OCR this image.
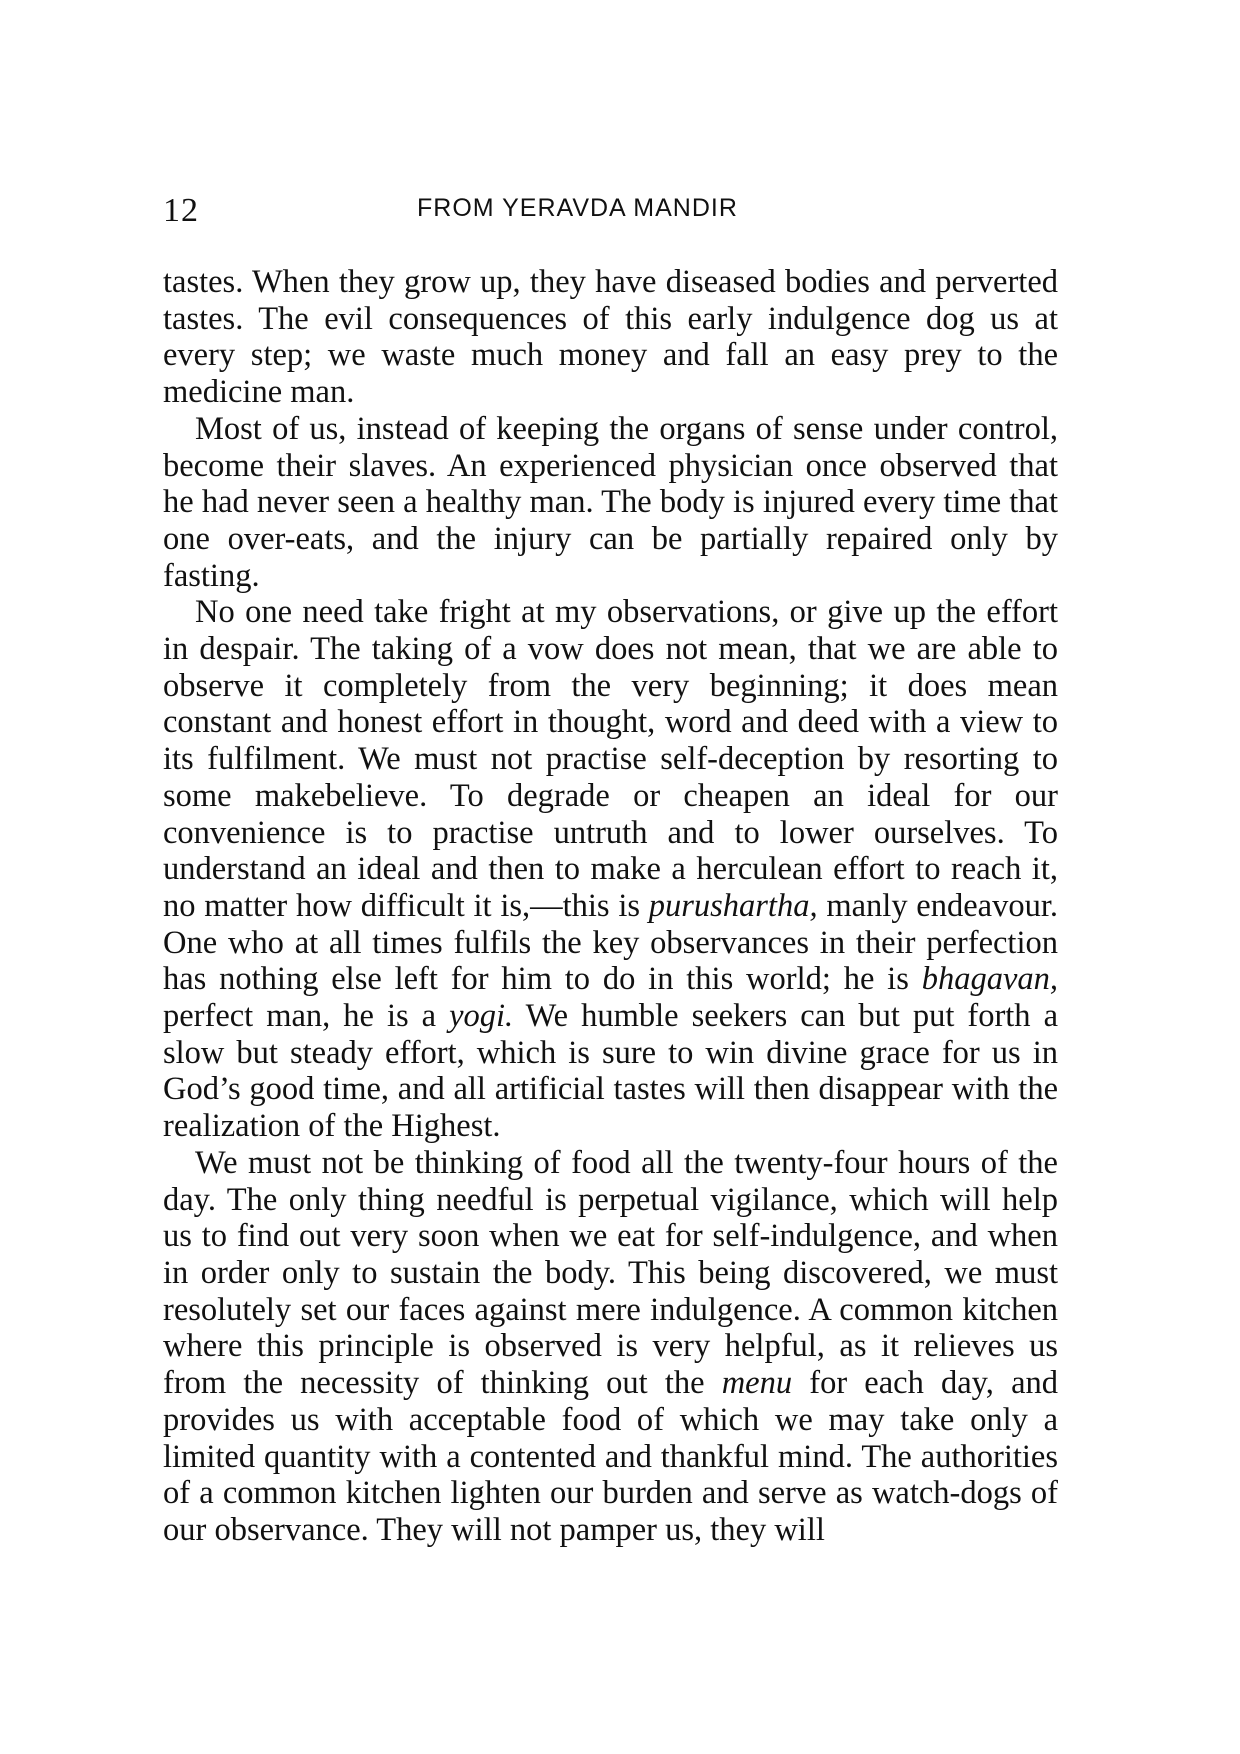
12	FROM YERAVDA MANDIR

tastes. When they grow up, they have diseased bodies and perverted tastes. The evil consequences of this early indulgence dog us at every step; we waste much money and fall an easy prey to the medicine man.

Most of us, instead of keeping the organs of sense under control, become their slaves. An experienced physician once observed that he had never seen a healthy man. The body is injured every time that one over-eats, and the injury can be partially repaired only by fasting.

No one need take fright at my observations, or give up the effort in despair. The taking of a vow does not mean, that we are able to observe it completely from the very beginning; it does mean constant and honest effort in thought, word and deed with a view to its fulfilment. We must not practise self-deception by resorting to some makebelieve. To degrade or cheapen an ideal for our convenience is to practise untruth and to lower ourselves. To understand an ideal and then to make a herculean effort to reach it, no matter how difficult it is,—this is purushartha, manly endeavour. One who at all times fulfils the key observances in their perfection has nothing else left for him to do in this world; he is bhagavan, perfect man, he is a yogi. We humble seekers can but put forth a slow but steady effort, which is sure to win divine grace for us in God’s good time, and all artificial tastes will then disappear with the realization of the Highest.

We must not be thinking of food all the twenty-four hours of the day. The only thing needful is perpetual vigilance, which will help us to find out very soon when we eat for self-indulgence, and when in order only to sustain the body. This being discovered, we must resolutely set our faces against mere indulgence. A common kitchen where this principle is observed is very helpful, as it relieves us from the necessity of thinking out the menu for each day, and provides us with acceptable food of which we may take only a limited quantity with a contented and thankful mind. The authorities of a common kitchen lighten our burden and serve as watch-dogs of our observance. They will not pamper us, they will
